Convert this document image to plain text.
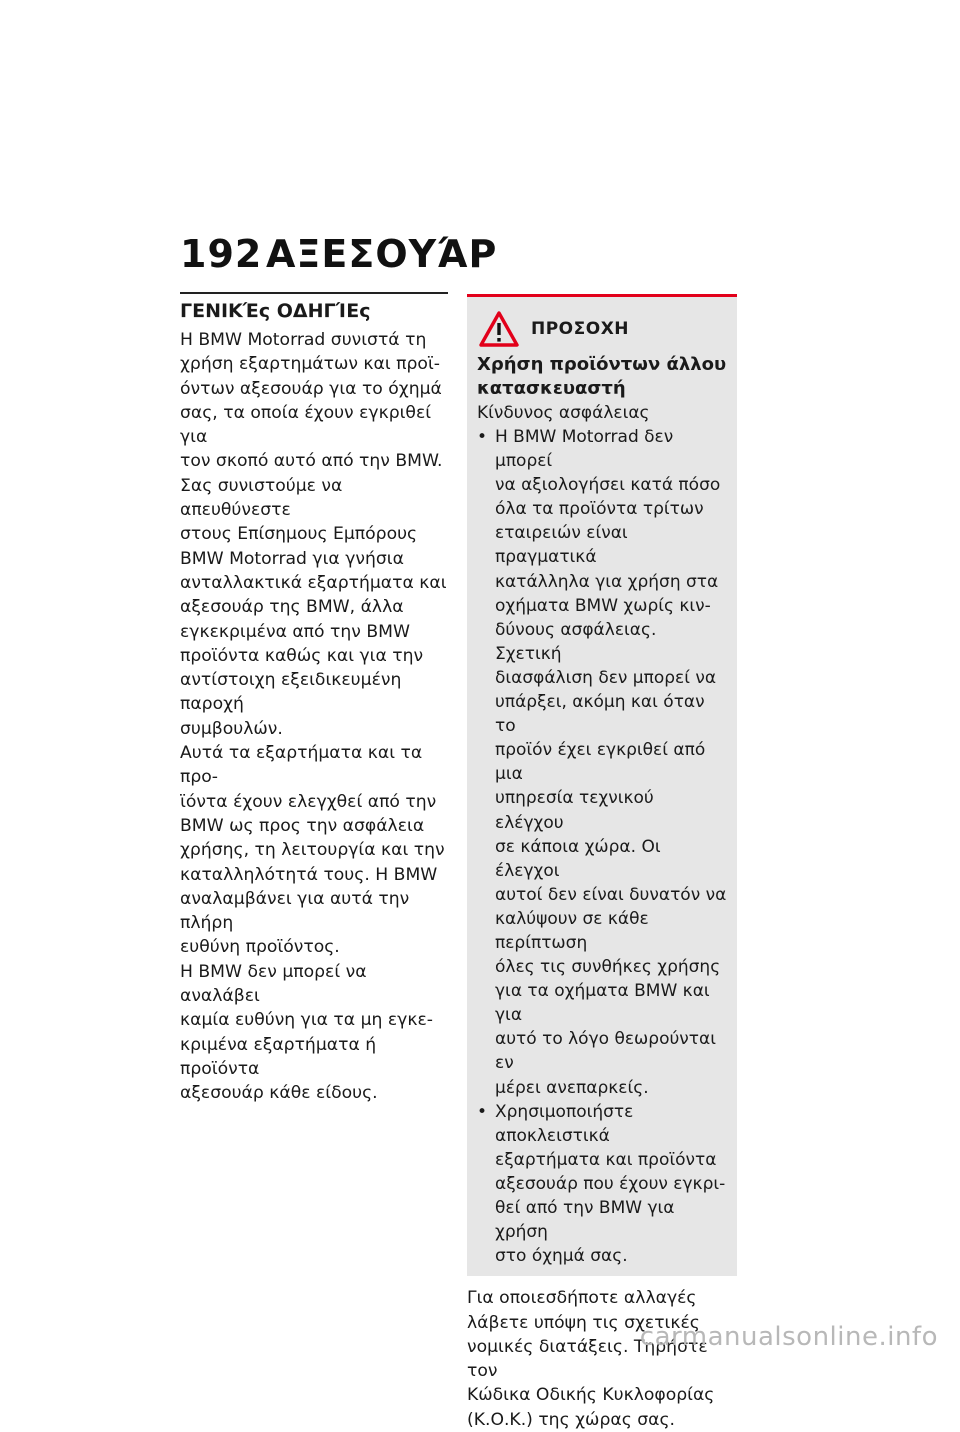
192ΑΞΕΣΟΥΆΡ
ΓΕΝΙΚΈς ΟΔΗΓΊΕς

Η BMW Motorrad συνιστά τη
χρήση εξαρτημάτων και προϊ-
όντων αξεσουάρ για το όχημά
σας, τα οποία έχουν εγκριθεί για
τον σκοπό αυτό από την BMW.
Σας συνιστούμε να απευθύνεστε
στους Επίσημους Εμπόρους
BMW Motorrad για γνήσια
ανταλλακτικά εξαρτήματα και
αξεσουάρ της BMW, άλλα
εγκεκριμένα από την BMW
προϊόντα καθώς και για την
αντίστοιχη εξειδικευμένη παροχή
συμβουλών.

Αυτά τα εξαρτήματα και τα προ-
ϊόντα έχουν ελεγχθεί από την
BMW ως προς την ασφάλεια
χρήσης, τη λειτουργία και την
καταλληλότητά τους. Η BMW
αναλαμβάνει για αυτά την πλήρη
ευθύνη προϊόντος.

Η BMW δεν μπορεί να αναλάβει
καμία ευθύνη για τα μη εγκε-
κριμένα εξαρτήματα ή προϊόντα
αξεσουάρ κάθε είδους.

ΠΡΟΣΟΧΗ

Χρήση προϊόντων άλλου
κατασκευαστή

Κίνδυνος ασφάλειας

• Η BMW Motorrad δεν μπορεί
να αξιολογήσει κατά πόσο
όλα τα προϊόντα τρίτων
εταιρειών είναι πραγματικά
κατάλληλα για χρήση στα
οχήματα BMW χωρίς κιν-
δύνους ασφάλειας. Σχετική
διασφάλιση δεν μπορεί να
υπάρξει, ακόμη και όταν το
προϊόν έχει εγκριθεί από μια
υπηρεσία τεχνικού ελέγχου
σε κάποια χώρα. Οι έλεγχοι
αυτοί δεν είναι δυνατόν να
καλύψουν σε κάθε περίπτωση
όλες τις συνθήκες χρήσης
για τα οχήματα BMW και για
αυτό το λόγο θεωρούνται εν
μέρει ανεπαρκείς.
• Χρησιμοποιήστε αποκλειστικά
εξαρτήματα και προϊόντα
αξεσουάρ που έχουν εγκρι-
θεί από την BMW για χρήση
στο όχημά σας.

Για οποιεσδήποτε αλλαγές
λάβετε υπόψη τις σχετικές
νομικές διατάξεις. Τηρήστε τον
Κώδικα Οδικής Κυκλοφορίας
(Κ.Ο.Κ.) της χώρας σας.

carmanualsonline.info
